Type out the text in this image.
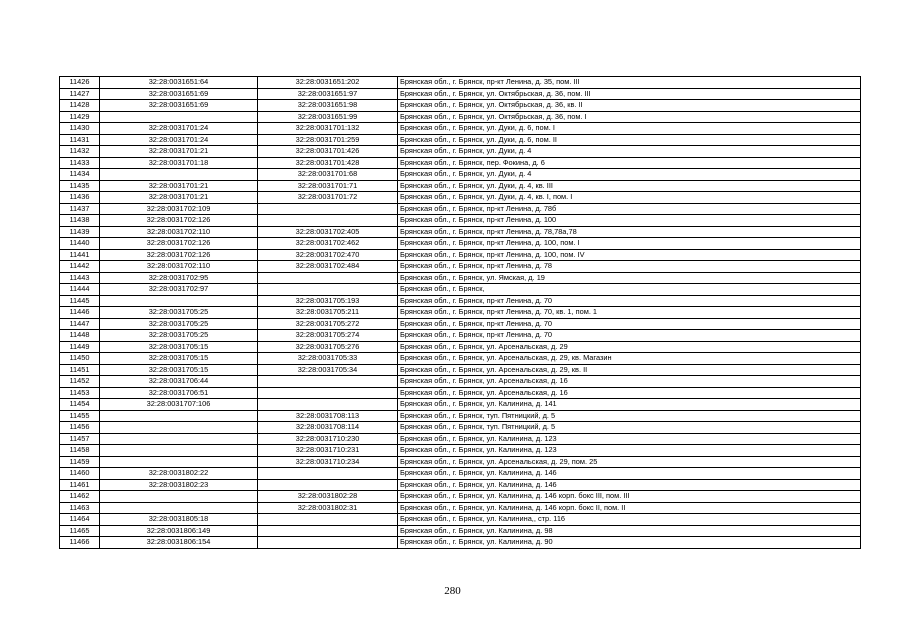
11426	32:28:0031651:64	32:28:0031651:202	Брянская обл., г. Брянск, пр-кт Ленина, д. 35, пом. III
11427	32:28:0031651:69	32:28:0031651:97	Брянская обл., г. Брянск, ул. Октябрьская, д. 36, пом. III
11428	32:28:0031651:69	32:28:0031651:98	Брянская обл., г. Брянск, ул. Октябрьская, д. 36, кв. II
11429		32:28:0031651:99	Брянская обл., г. Брянск, ул. Октябрьская, д. 36, пом. I
11430	32:28:0031701:24	32:28:0031701:132	Брянская обл., г. Брянск, ул. Дуки, д. 6, пом. I
11431	32:28:0031701:24	32:28:0031701:259	Брянская обл., г. Брянск, ул. Дуки, д. 6, пом. II
11432	32:28:0031701:21	32:28:0031701:426	Брянская обл., г. Брянск, ул. Дуки, д. 4
11433	32:28:0031701:18	32:28:0031701:428	Брянская обл., г. Брянск, пер. Фокина, д. 6
11434		32:28:0031701:68	Брянская обл., г. Брянск, ул. Дуки, д. 4
11435	32:28:0031701:21	32:28:0031701:71	Брянская обл., г. Брянск, ул. Дуки, д. 4, кв. III
11436	32:28:0031701:21	32:28:0031701:72	Брянская обл., г. Брянск, ул. Дуки, д. 4, кв. I, пом. I
11437	32:28:0031702:109		Брянская обл., г. Брянск, пр-кт Ленина, д. 78б
11438	32:28:0031702:126		Брянская обл., г. Брянск, пр-кт Ленина, д. 100
11439	32:28:0031702:110	32:28:0031702:405	Брянская обл., г. Брянск, пр-кт Ленина, д. 78,78а,78
11440	32:28:0031702:126	32:28:0031702:462	Брянская обл., г. Брянск, пр-кт Ленина, д. 100, пом. I
11441	32:28:0031702:126	32:28:0031702:470	Брянская обл., г. Брянск, пр-кт Ленина, д. 100, пом. IV
11442	32:28:0031702:110	32:28:0031702:484	Брянская обл., г. Брянск, пр-кт Ленина, д. 78
11443	32:28:0031702:95		Брянская обл., г. Брянск, ул. Ямская, д. 19
11444	32:28:0031702:97		Брянская обл., г. Брянск,
11445		32:28:0031705:193	Брянская обл., г. Брянск, пр-кт Ленина, д. 70
11446	32:28:0031705:25	32:28:0031705:211	Брянская обл., г. Брянск, пр-кт Ленина, д. 70, кв. 1, пом. 1
11447	32:28:0031705:25	32:28:0031705:272	Брянская обл., г. Брянск, пр-кт Ленина, д. 70
11448	32:28:0031705:25	32:28:0031705:274	Брянская обл., г. Брянск, пр-кт Ленина, д. 70
11449	32:28:0031705:15	32:28:0031705:276	Брянская обл., г. Брянск, ул. Арсенальская, д. 29
11450	32:28:0031705:15	32:28:0031705:33	Брянская обл., г. Брянск, ул. Арсенальская, д. 29, кв. Магазин
11451	32:28:0031705:15	32:28:0031705:34	Брянская обл., г. Брянск, ул. Арсенальская, д. 29, кв. II
11452	32:28:0031706:44		Брянская обл., г. Брянск, ул. Арсенальская, д. 16
11453	32:28:0031706:51		Брянская обл., г. Брянск, ул. Арсенальская, д. 16
11454	32:28:0031707:106		Брянская обл., г. Брянск, ул. Калинина, д. 141
11455		32:28:0031708:113	Брянская обл., г. Брянск, туп. Пятницкий, д. 5
11456		32:28:0031708:114	Брянская обл., г. Брянск, туп. Пятницкий, д. 5
11457		32:28:0031710:230	Брянская обл., г. Брянск, ул. Калинина, д. 123
11458		32:28:0031710:231	Брянская обл., г. Брянск, ул. Калинина, д. 123
11459		32:28:0031710:234	Брянская обл., г. Брянск, ул. Арсенальская, д. 29, пом. 25
11460	32:28:0031802:22		Брянская обл., г. Брянск, ул. Калинина, д. 146
11461	32:28:0031802:23		Брянская обл., г. Брянск, ул. Калинина, д. 146
11462		32:28:0031802:28	Брянская обл., г. Брянск, ул. Калинина, д. 146 корп. бокс III, пом. III
11463		32:28:0031802:31	Брянская обл., г. Брянск, ул. Калинина, д. 146 корп. бокс II, пом. II
11464	32:28:0031805:18		Брянская обл., г. Брянск, ул. Калинина,, стр. 116
11465	32:28:0031806:149		Брянская обл., г. Брянск, ул. Калинина, д. 98
11466	32:28:0031806:154		Брянская обл., г. Брянск, ул. Калинина, д. 90
280
